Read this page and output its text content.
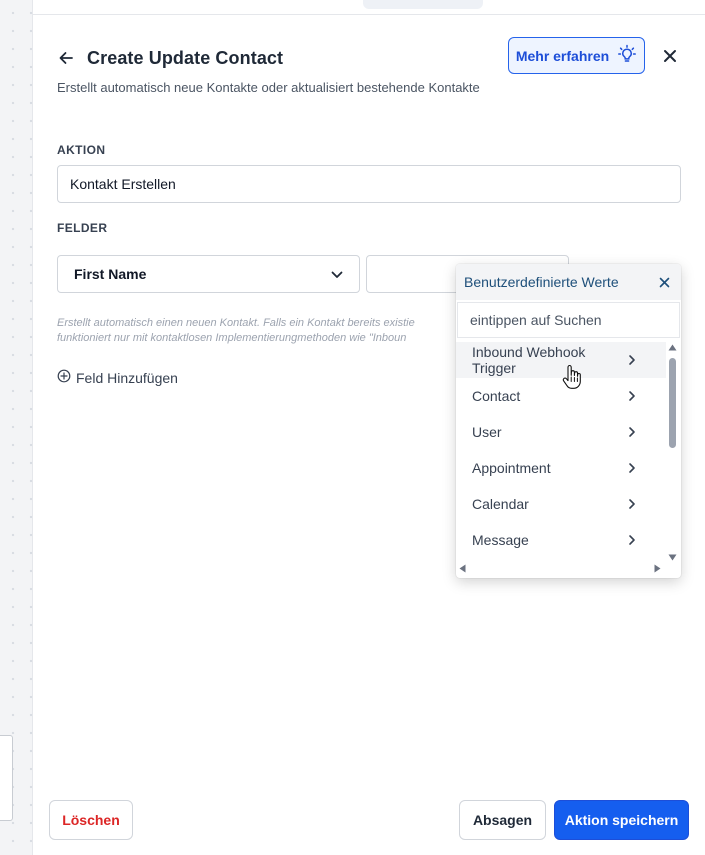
Create Update Contact	Mehr erfahren
Erstellt automatisch neue Kontakte oder aktualisiert bestehende Kontakte
AKTION
Kontakt Erstellen
FELDER
First Name
Erstellt automatisch einen neuen Kontakt. Falls ein Kontakt bereits existie
funktioniert nur mit kontaktlosen Implementierungmethoden wie "Inboun
Feld Hinzufügen
Löschen	Absagen	Aktion speichern
Benutzerdefinierte Werte
eintippen auf Suchen
Inbound Webhook Trigger
Contact
User
Appointment
Calendar
Message
